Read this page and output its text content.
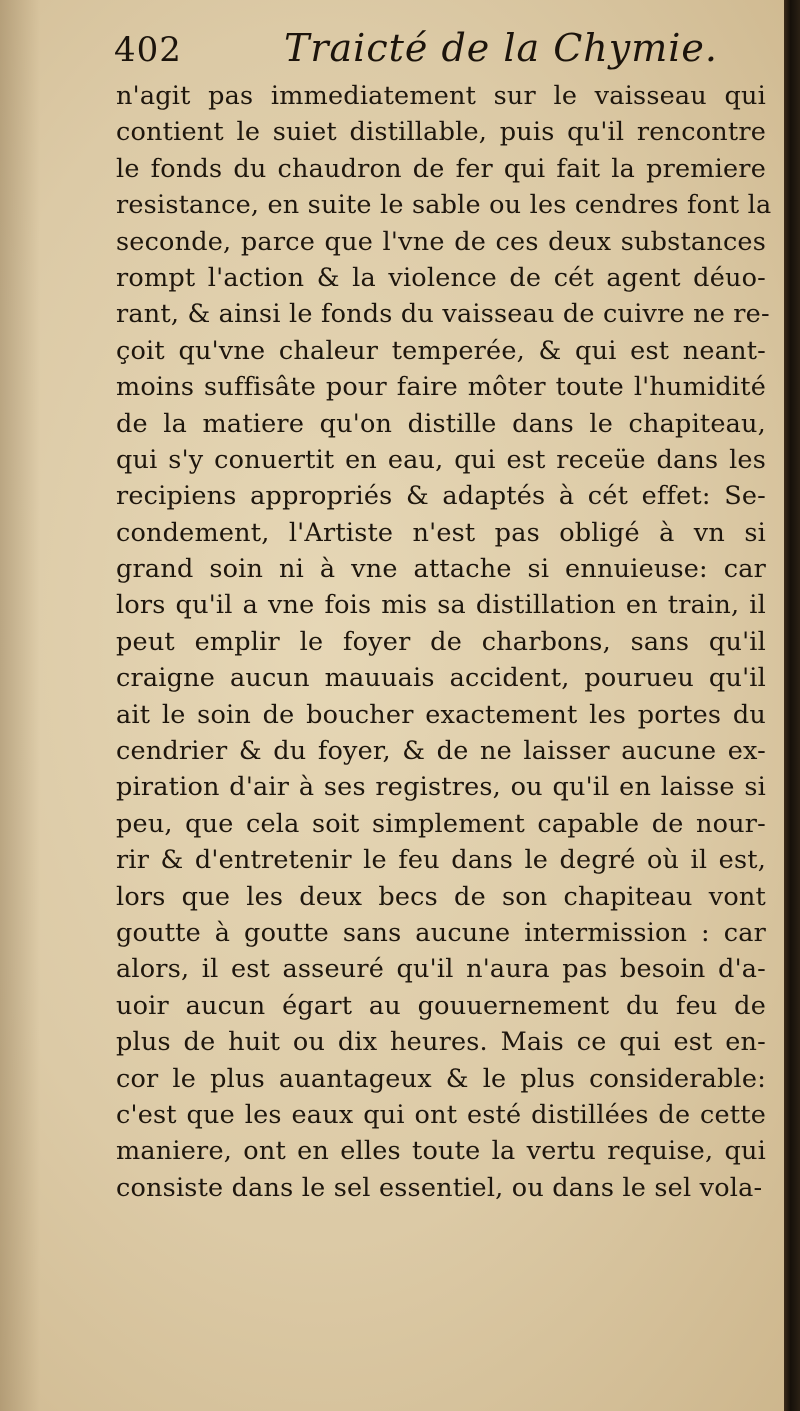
402	Traicté de la Chymie.
n'agit pas immediatement sur le vaisseau qui
contient le suiet distillable, puis qu'il rencontre
le fonds du chaudron de fer qui fait la premiere
resistance, en suite le sable ou les cendres font la
seconde, parce que l'vne de ces deux substances
rompt l'action & la violence de cét agent déuo-
rant, & ainsi le fonds du vaisseau de cuivre ne re-
çoit qu'vne chaleur temperée, & qui est neant-
moins suffisâte pour faire môter toute l'humidité
de la matiere qu'on distille dans le chapiteau,
qui s'y conuertit en eau, qui est receüe dans les
recipiens appropriés & adaptés à cét effet: Se-
condement, l'Artiste n'est pas obligé à vn si
grand soin ni à vne attache si ennuieuse: car
lors qu'il a vne fois mis sa distillation en train, il
peut emplir le foyer de charbons, sans qu'il
craigne aucun mauuais accident, pourueu qu'il
ait le soin de boucher exactement les portes du
cendrier & du foyer, & de ne laisser aucune ex-
piration d'air à ses registres, ou qu'il en laisse si
peu, que cela soit simplement capable de nour-
rir & d'entretenir le feu dans le degré où il est,
lors que les deux becs de son chapiteau vont
goutte à goutte sans aucune intermission : car
alors, il est asseuré qu'il n'aura pas besoin d'a-
uoir aucun égart au gouuernement du feu de
plus de huit ou dix heures. Mais ce qui est en-
cor le plus auantageux & le plus considerable:
c'est que les eaux qui ont esté distillées de cette
maniere, ont en elles toute la vertu requise, qui
consiste dans le sel essentiel, ou dans le sel vola-
